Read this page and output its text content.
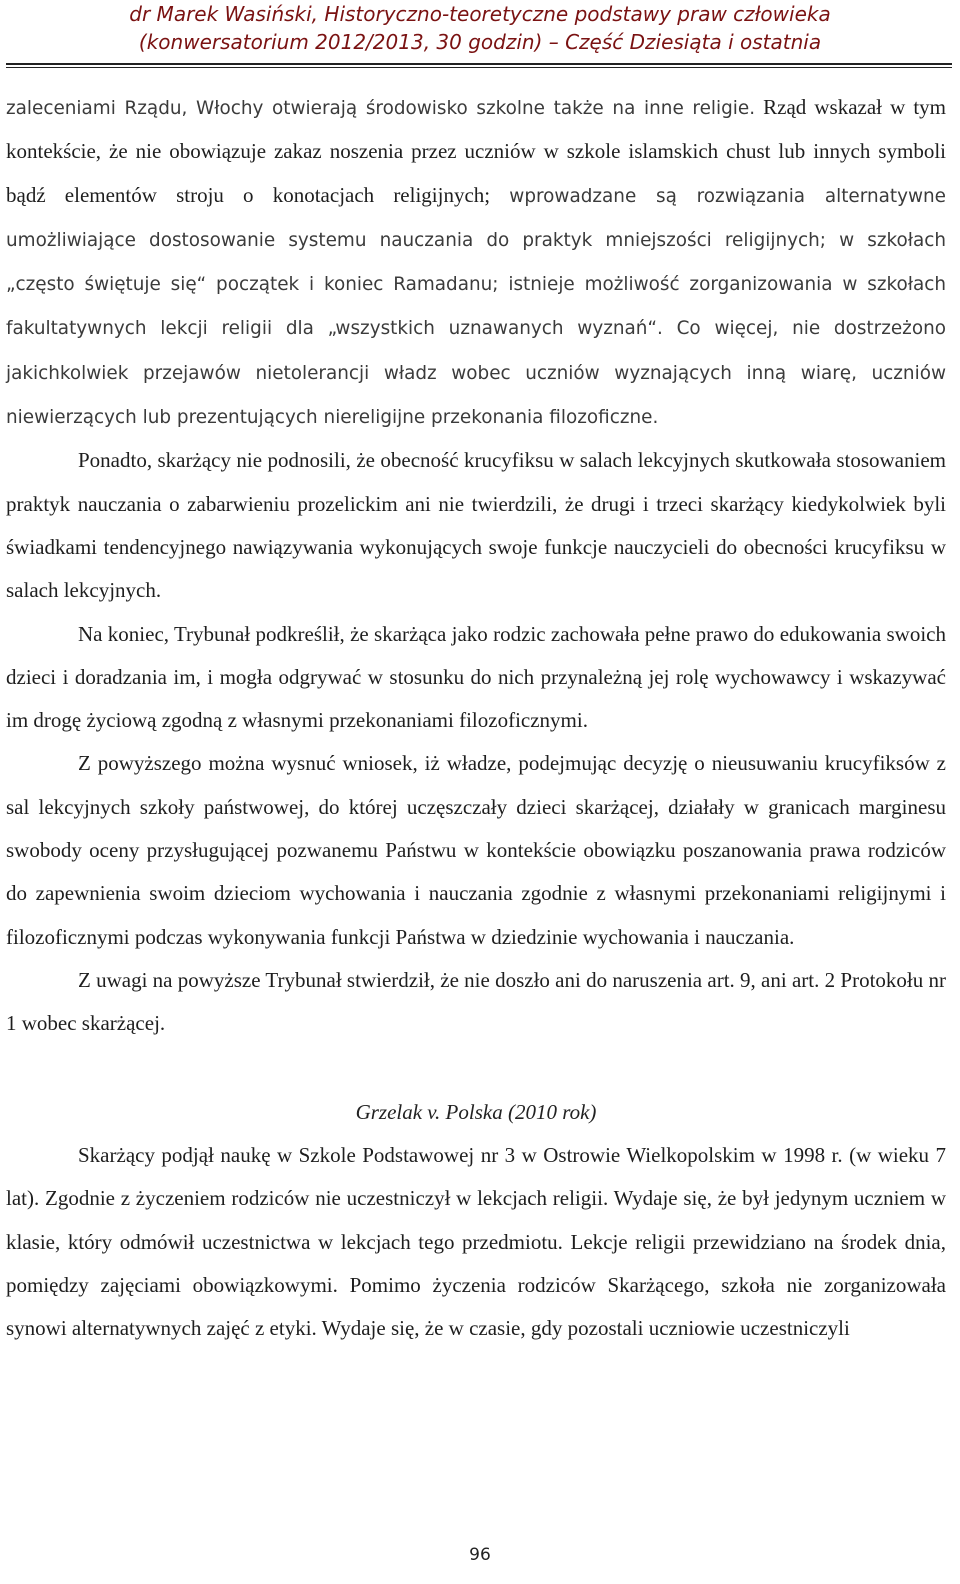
dr Marek Wasiński, Historyczno-teoretyczne podstawy praw człowieka
(konwersatorium 2012/2013, 30 godzin) – Część Dziesiąta i ostatnia

zaleceniami Rządu, Włochy otwierają środowisko szkolne także na inne religie. Rząd wskazał w tym kontekście, że nie obowiązuje zakaz noszenia przez uczniów w szkole islamskich chust lub innych symboli bądź elementów stroju o konotacjach religijnych; wprowadzane są rozwiązania alternatywne umożliwiające dostosowanie systemu nauczania do praktyk mniejszości religijnych; w szkołach „często świętuje się“ początek i koniec Ramadanu; istnieje możliwość zorganizowania w szkołach fakultatywnych lekcji religii dla „wszystkich uznawanych wyznań“. Co więcej, nie dostrzeżono jakichkolwiek przejawów nietolerancji władz wobec uczniów wyznających inną wiarę, uczniów niewierzących lub prezentujących niereligijne przekonania filozoficzne.

Ponadto, skarżący nie podnosili, że obecność krucyfiksu w salach lekcyjnych skutkowała stosowaniem praktyk nauczania o zabarwieniu prozelickim ani nie twierdzili, że drugi i trzeci skarżący kiedykolwiek byli świadkami tendencyjnego nawiązywania wykonujących swoje funkcje nauczycieli do obecności krucyfiksu w salach lekcyjnych.

Na koniec, Trybunał podkreślił, że skarżąca jako rodzic zachowała pełne prawo do edukowania swoich dzieci i doradzania im, i mogła odgrywać w stosunku do nich przynależną jej rolę wychowawcy i wskazywać im drogę życiową zgodną z własnymi przekonaniami filozoficznymi.

Z powyższego można wysnuć wniosek, iż władze, podejmując decyzję o nieusuwaniu krucyfiksów z sal lekcyjnych szkoły państwowej, do której uczęszczały dzieci skarżącej, działały w granicach marginesu swobody oceny przysługującej pozwanemu Państwu w kontekście obowiązku poszanowania prawa rodziców do zapewnienia swoim dzieciom wychowania i nauczania zgodnie z własnymi przekonaniami religijnymi i filozoficznymi podczas wykonywania funkcji Państwa w dziedzinie wychowania i nauczania.

Z uwagi na powyższe Trybunał stwierdził, że nie doszło ani do naruszenia art. 9, ani art. 2 Protokołu nr 1 wobec skarżącej.

Grzelak v. Polska (2010 rok)

Skarżący podjął naukę w Szkole Podstawowej nr 3 w Ostrowie Wielkopolskim w 1998 r. (w wieku 7 lat). Zgodnie z życzeniem rodziców nie uczestniczył w lekcjach religii. Wydaje się, że był jedynym uczniem w klasie, który odmówił uczestnictwa w lekcjach tego przedmiotu. Lekcje religii przewidziano na środek dnia, pomiędzy zajęciami obowiązkowymi. Pomimo życzenia rodziców Skarżącego, szkoła nie zorganizowała synowi alternatywnych zajęć z etyki. Wydaje się, że w czasie, gdy pozostali uczniowie uczestniczyli

96
